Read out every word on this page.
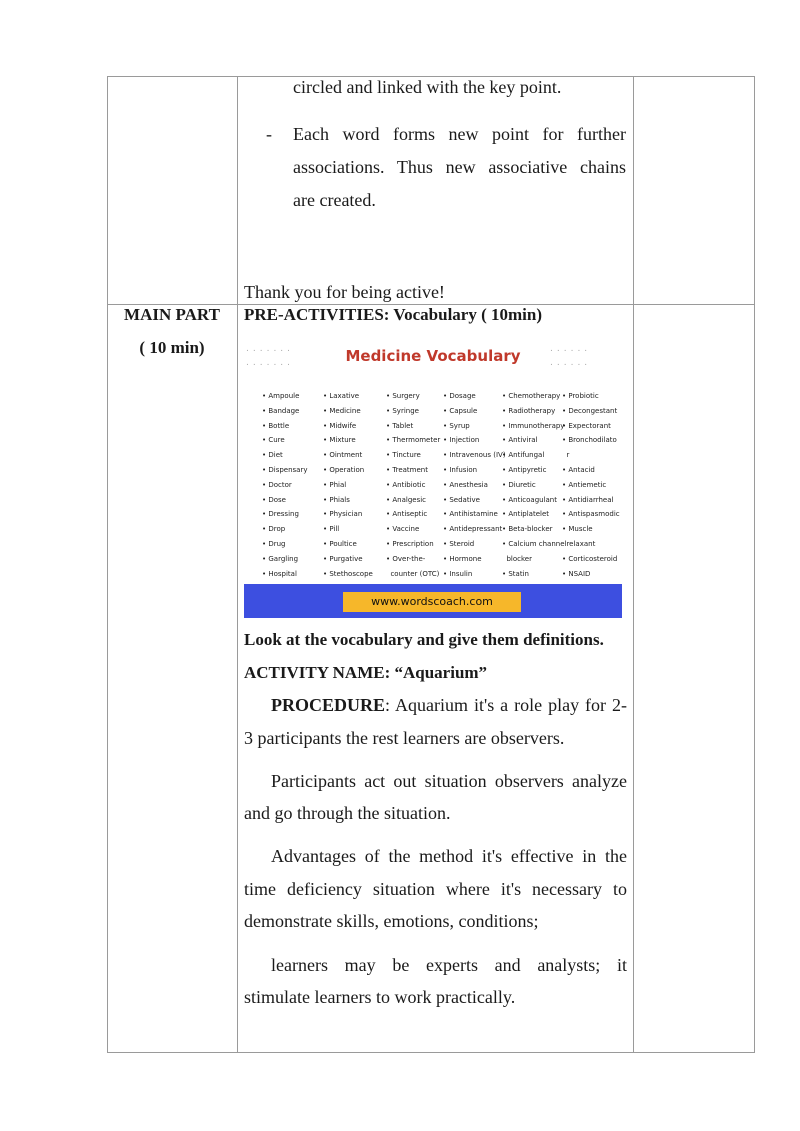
circled and linked with the key point.
- Each word forms new point for further
associations. Thus new associative chains
are created.
Thank you for being active!
MAIN PART
( 10 min)
PRE-ACTIVITIES: Vocabulary ( 10min)
.......
.......
......
......
Medicine Vocabulary
• Ampoule
• Bandage
• Bottle
• Cure
• Diet
• Dispensary
• Doctor
• Dose
• Dressing
• Drop
• Drug
• Gargling
• Hospital
• Laxative
• Medicine
• Midwife
• Mixture
• Ointment
• Operation
• Phial
• Phials
• Physician
• Pill
• Poultice
• Purgative
• Stethoscope
• Surgery
• Syringe
• Tablet
• Thermometer
• Tincture
• Treatment
• Antibiotic
• Analgesic
• Antiseptic
• Vaccine
• Prescription
• Over-the-
counter (OTC)
• Dosage
• Capsule
• Syrup
• Injection
• Intravenous (IV)
• Infusion
• Anesthesia
• Sedative
• Antihistamine
• Antidepressant
• Steroid
• Hormone
• Insulin
• Chemotherapy
• Radiotherapy
• Immunotherapy
• Antiviral
• Antifungal
• Antipyretic
• Diuretic
• Anticoagulant
• Antiplatelet
• Beta-blocker
• Calcium channel
blocker
• Statin
• Probiotic
• Decongestant
• Expectorant
• Bronchodilato
r
• Antacid
• Antiemetic
• Antidiarrheal
• Antispasmodic
• Muscle
relaxant
• Corticosteroid
• NSAID
www.wordscoach.com
Look at the vocabulary and give them definitions.
ACTIVITY NAME: “Aquarium”
PROCEDURE: Aquarium it's a role play for 2-
3 participants the rest learners are observers.
Participants act out situation observers analyze
and go through the situation.
Advantages of the method it's effective in the
time deficiency situation where it's necessary to
demonstrate skills, emotions, conditions;
learners may be experts and analysts; it
stimulate learners to work practically.
